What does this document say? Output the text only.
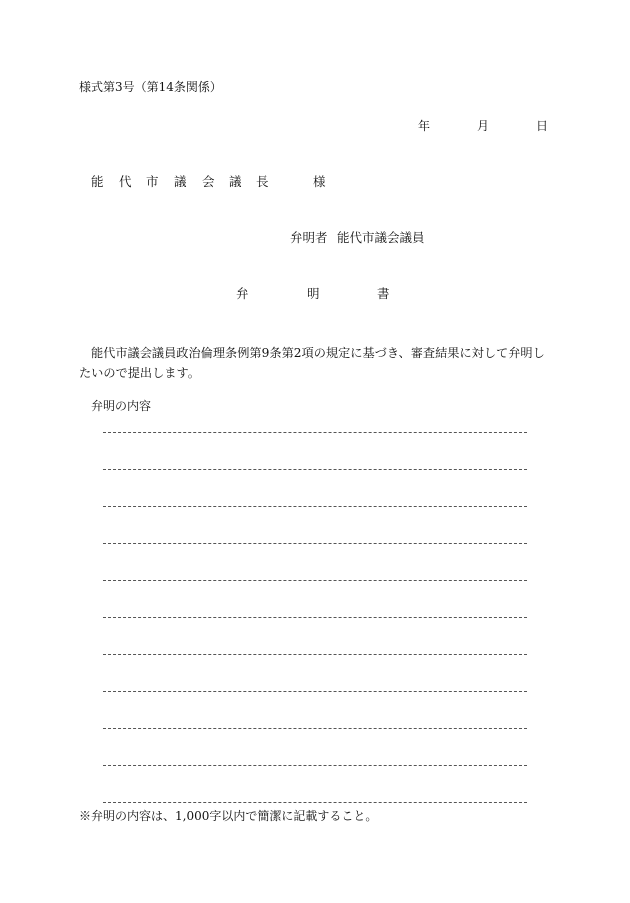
様式第3号（第14条関係）
年	月	日
能 代 市 議 会 議 長	様
弁明者 能代市議会議員
弁	明	書
能代市議会議員政治倫理条例第9条第2項の規定に基づき、審査結果に対して弁明したいので提出します。
弁明の内容
※弁明の内容は、1,000字以内で簡潔に記載すること。
